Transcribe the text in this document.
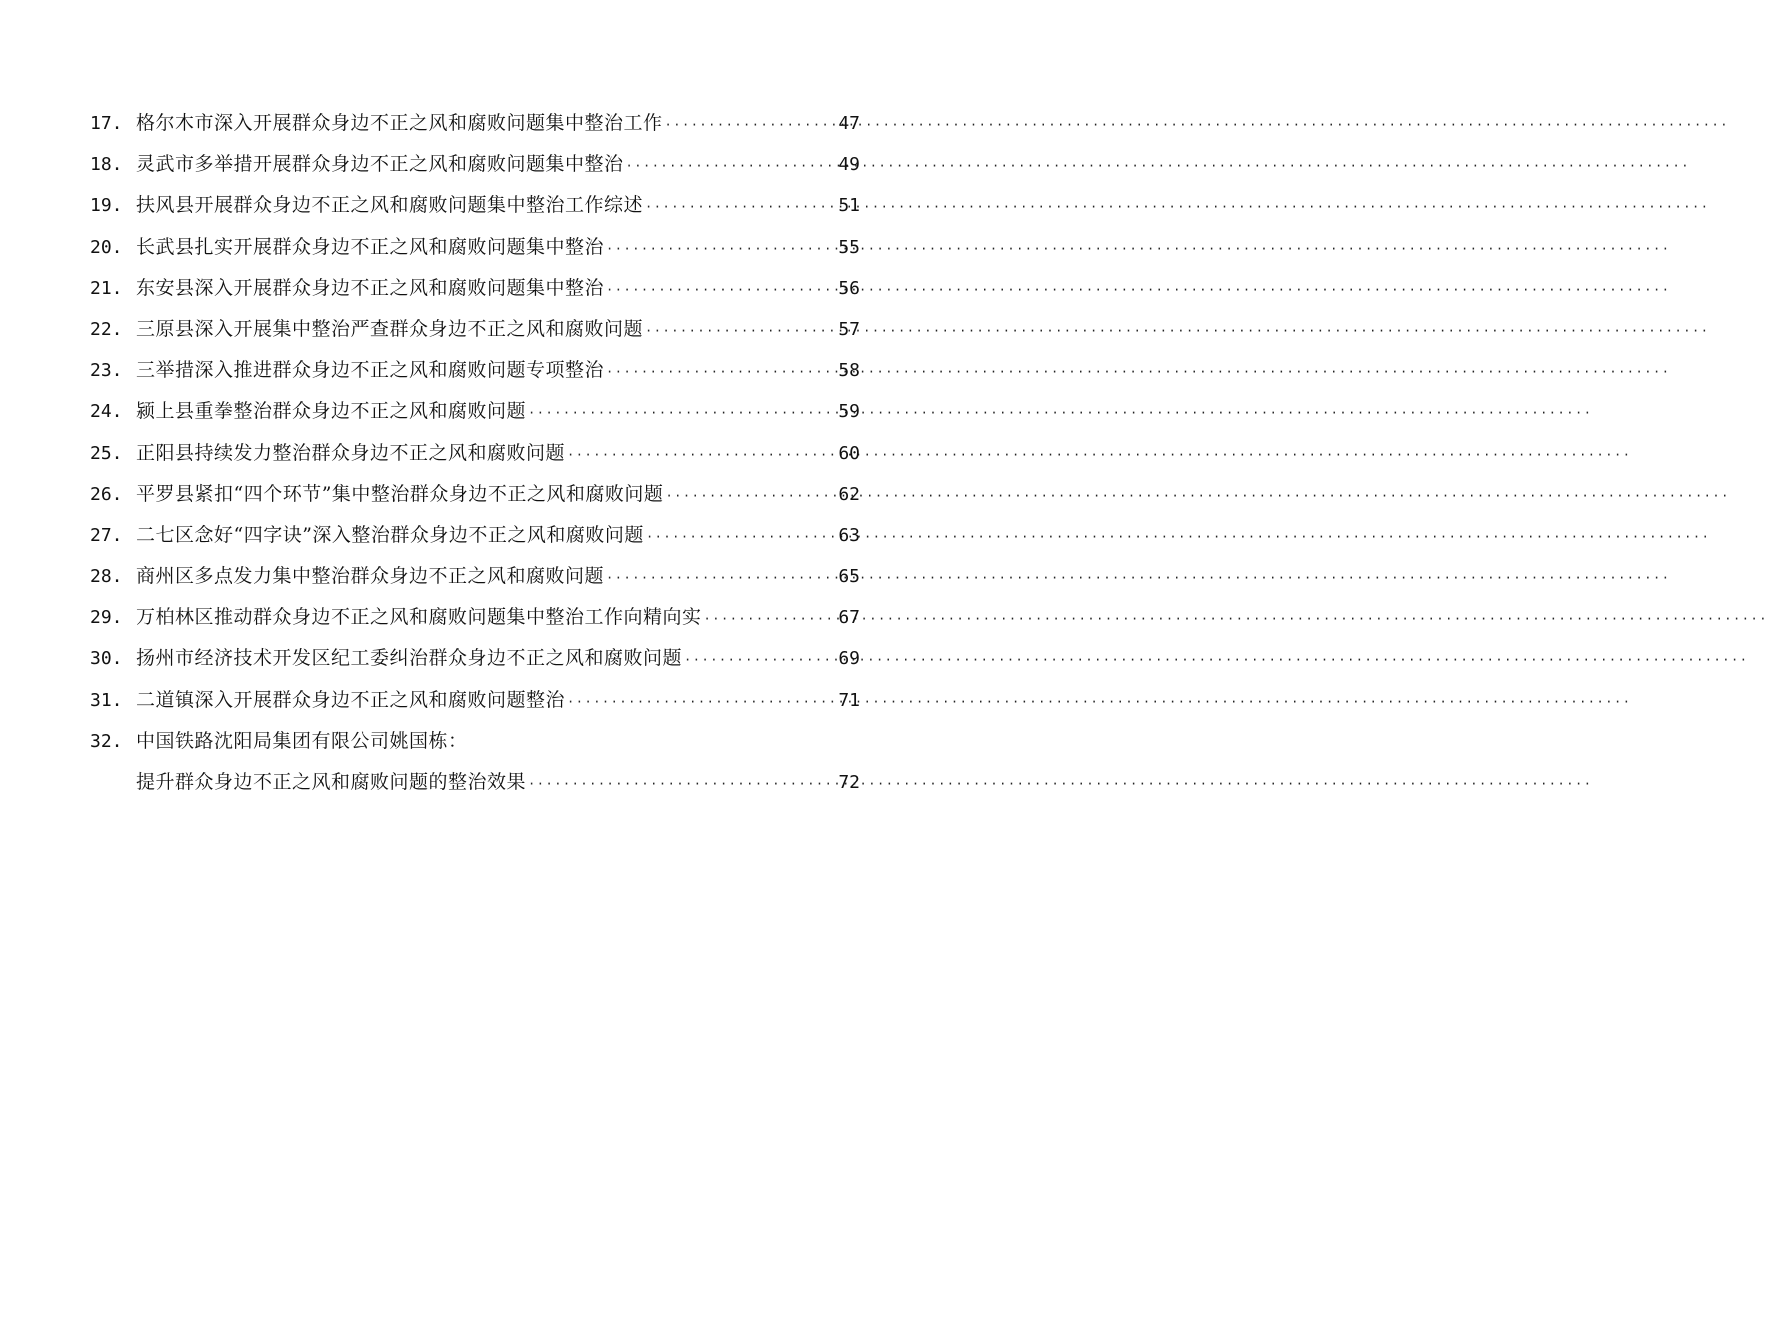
17. 格尔木市深入开展群众身边不正之风和腐败问题集中整治工作 ·····	47
18. 灵武市多举措开展群众身边不正之风和腐败问题集中整治 ·····	49
19. 扶风县开展群众身边不正之风和腐败问题集中整治工作综述 ·····	51
20. 长武县扎实开展群众身边不正之风和腐败问题集中整治 ·····	55
21. 东安县深入开展群众身边不正之风和腐败问题集中整治 ·····	56
22. 三原县深入开展集中整治严查群众身边不正之风和腐败问题 ·····	57
23. 三举措深入推进群众身边不正之风和腐败问题专项整治 ·····	58
24. 颍上县重拳整治群众身边不正之风和腐败问题 ·····	59
25. 正阳县持续发力整治群众身边不正之风和腐败问题 ·····	60
26. 平罗县紧扣“四个环节”集中整治群众身边不正之风和腐败问题 ·····	62
27. 二七区念好“四字诀”深入整治群众身边不正之风和腐败问题 ·····	63
28. 商州区多点发力集中整治群众身边不正之风和腐败问题 ·····	65
29. 万柏林区推动群众身边不正之风和腐败问题集中整治工作向精向实 ·····	67
30. 扬州市经济技术开发区纪工委纠治群众身边不正之风和腐败问题 ·····	69
31. 二道镇深入开展群众身边不正之风和腐败问题整治 ·····	71
32. 中国铁路沈阳局集团有限公司姚国栋：
提升群众身边不正之风和腐败问题的整治效果 ·····	72
